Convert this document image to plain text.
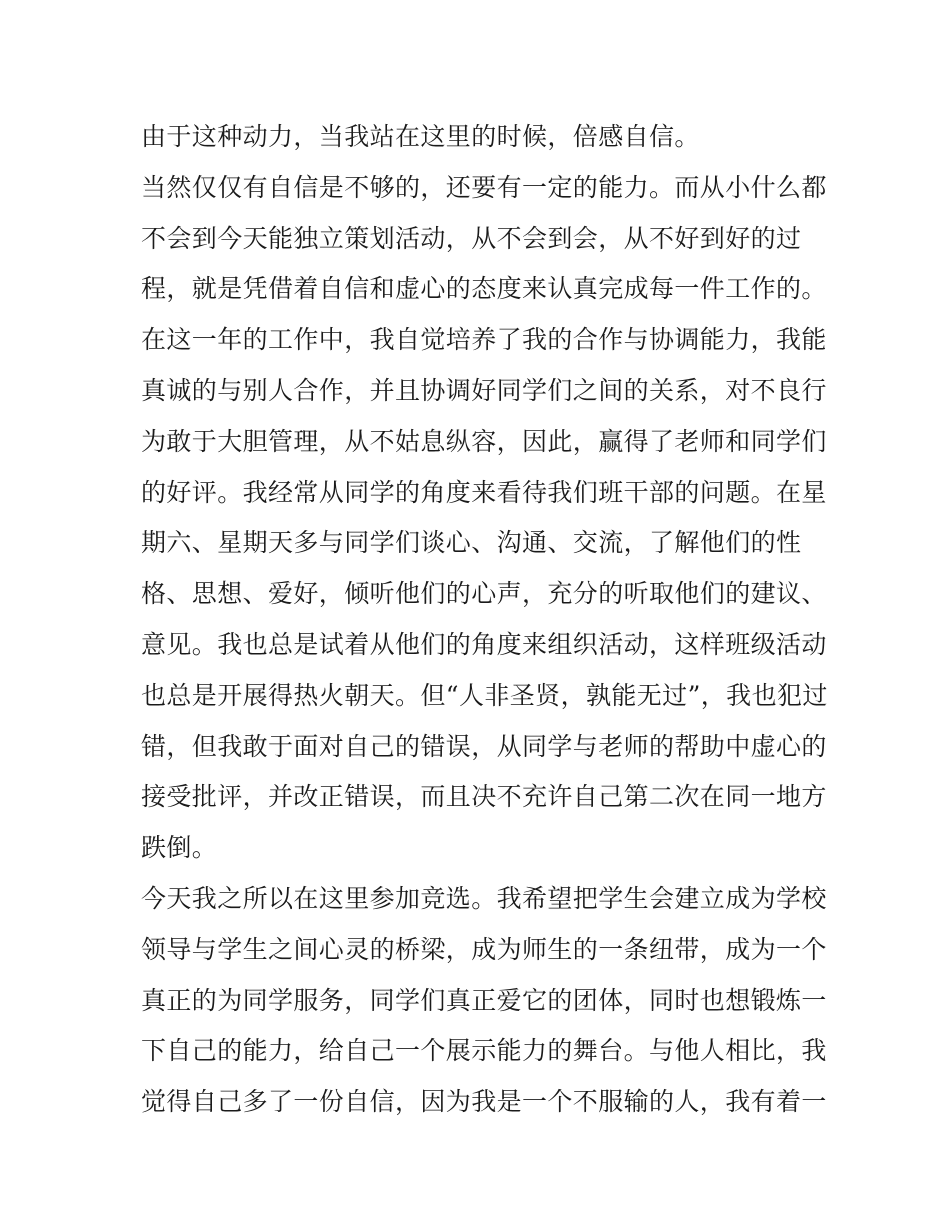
由于这种动力，当我站在这里的时候，倍感自信。
当然仅仅有自信是不够的，还要有一定的能力。而从小什么都
不会到今天能独立策划活动，从不会到会，从不好到好的过
程，就是凭借着自信和虚心的态度来认真完成每一件工作的。
在这一年的工作中，我自觉培养了我的合作与协调能力，我能
真诚的与别人合作，并且协调好同学们之间的关系，对不良行
为敢于大胆管理，从不姑息纵容，因此，赢得了老师和同学们
的好评。我经常从同学的角度来看待我们班干部的问题。在星
期六、星期天多与同学们谈心、沟通、交流，了解他们的性
格、思想、爱好，倾听他们的心声，充分的听取他们的建议、
意见。我也总是试着从他们的角度来组织活动，这样班级活动
也总是开展得热火朝天。但“人非圣贤，孰能无过”，我也犯过
错，但我敢于面对自己的错误，从同学与老师的帮助中虚心的
接受批评，并改正错误，而且决不充许自己第二次在同一地方
跌倒。
今天我之所以在这里参加竞选。我希望把学生会建立成为学校
领导与学生之间心灵的桥梁，成为师生的一条纽带，成为一个
真正的为同学服务，同学们真正爱它的团体，同时也想锻炼一
下自己的能力，给自己一个展示能力的舞台。与他人相比，我
觉得自己多了一份自信，因为我是一个不服输的人，我有着一
